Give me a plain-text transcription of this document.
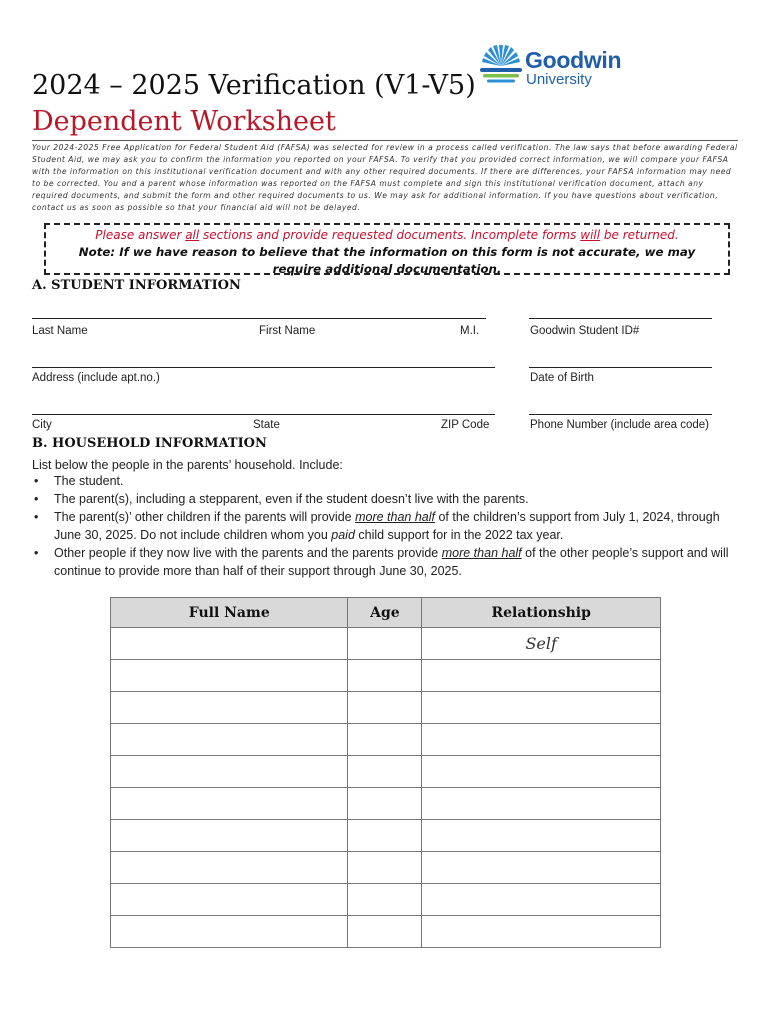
2024 – 2025 Verification (V1-V5)
Dependent Worksheet
Goodwin
University
Your 2024-2025 Free Application for Federal Student Aid (FAFSA) was selected for review in a process called verification. The law says that before awarding Federal Student Aid, we may ask you to confirm the information you reported on your FAFSA. To verify that you provided correct information, we will compare your FAFSA with the information on this institutional verification document and with any other required documents. If there are differences, your FAFSA information may need to be corrected. You and a parent whose information was reported on the FAFSA must complete and sign this institutional verification document, attach any required documents, and submit the form and other required documents to us. We may ask for additional information. If you have questions about verification, contact us as soon as possible so that your financial aid will not be delayed.
Please answer all sections and provide requested documents. Incomplete forms will be returned.
Note: If we have reason to believe that the information on this form is not accurate, we may require additional documentation.
A. STUDENT INFORMATION
Last Name	First Name	M.I.	Goodwin Student ID#
Address (include apt.no.)	Date of Birth
City	State	ZIP Code	Phone Number (include area code)
B. HOUSEHOLD INFORMATION
List below the people in the parents’ household. Include:
• The student.
• The parent(s), including a stepparent, even if the student doesn’t live with the parents.
• The parent(s)’ other children if the parents will provide more than half of the children’s support from July 1, 2024, through June 30, 2025. Do not include children whom you paid child support for in the 2022 tax year.
• Other people if they now live with the parents and the parents provide more than half of the other people’s support and will continue to provide more than half of their support through June 30, 2025.
Full Name	Age	Relationship
		Self
